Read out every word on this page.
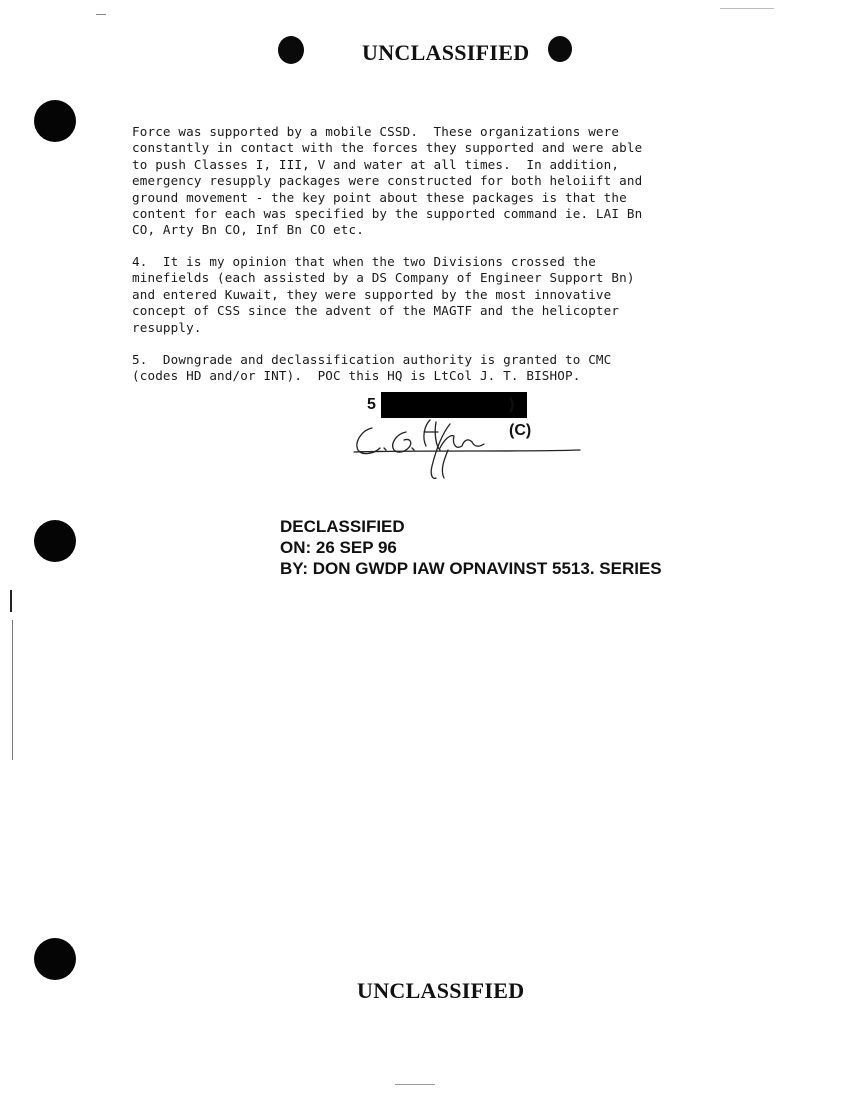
UNCLASSIFIED
Force was supported by a mobile CSSD.  These organizations were
constantly in contact with the forces they supported and were able
to push Classes I, III, V and water at all times.  In addition,
emergency resupply packages were constructed for both heloiift and
ground movement - the key point about these packages is that the
content for each was specified by the supported command ie. LAI Bn
CO, Arty Bn CO, Inf Bn CO etc.
4.  It is my opinion that when the two Divisions crossed the
minefields (each assisted by a DS Company of Engineer Support Bn)
and entered Kuwait, they were supported by the most innovative
concept of CSS since the advent of the MAGTF and the helicopter
resupply.
5.  Downgrade and declassification authority is granted to CMC
(codes HD and/or INT).  POC this HQ is LtCol J. T. BISHOP.
5	)(C)
DECLASSIFIED
ON: 26 SEP 96
BY: DON GWDP IAW OPNAVINST 5513. SERIES
UNCLASSIFIED
